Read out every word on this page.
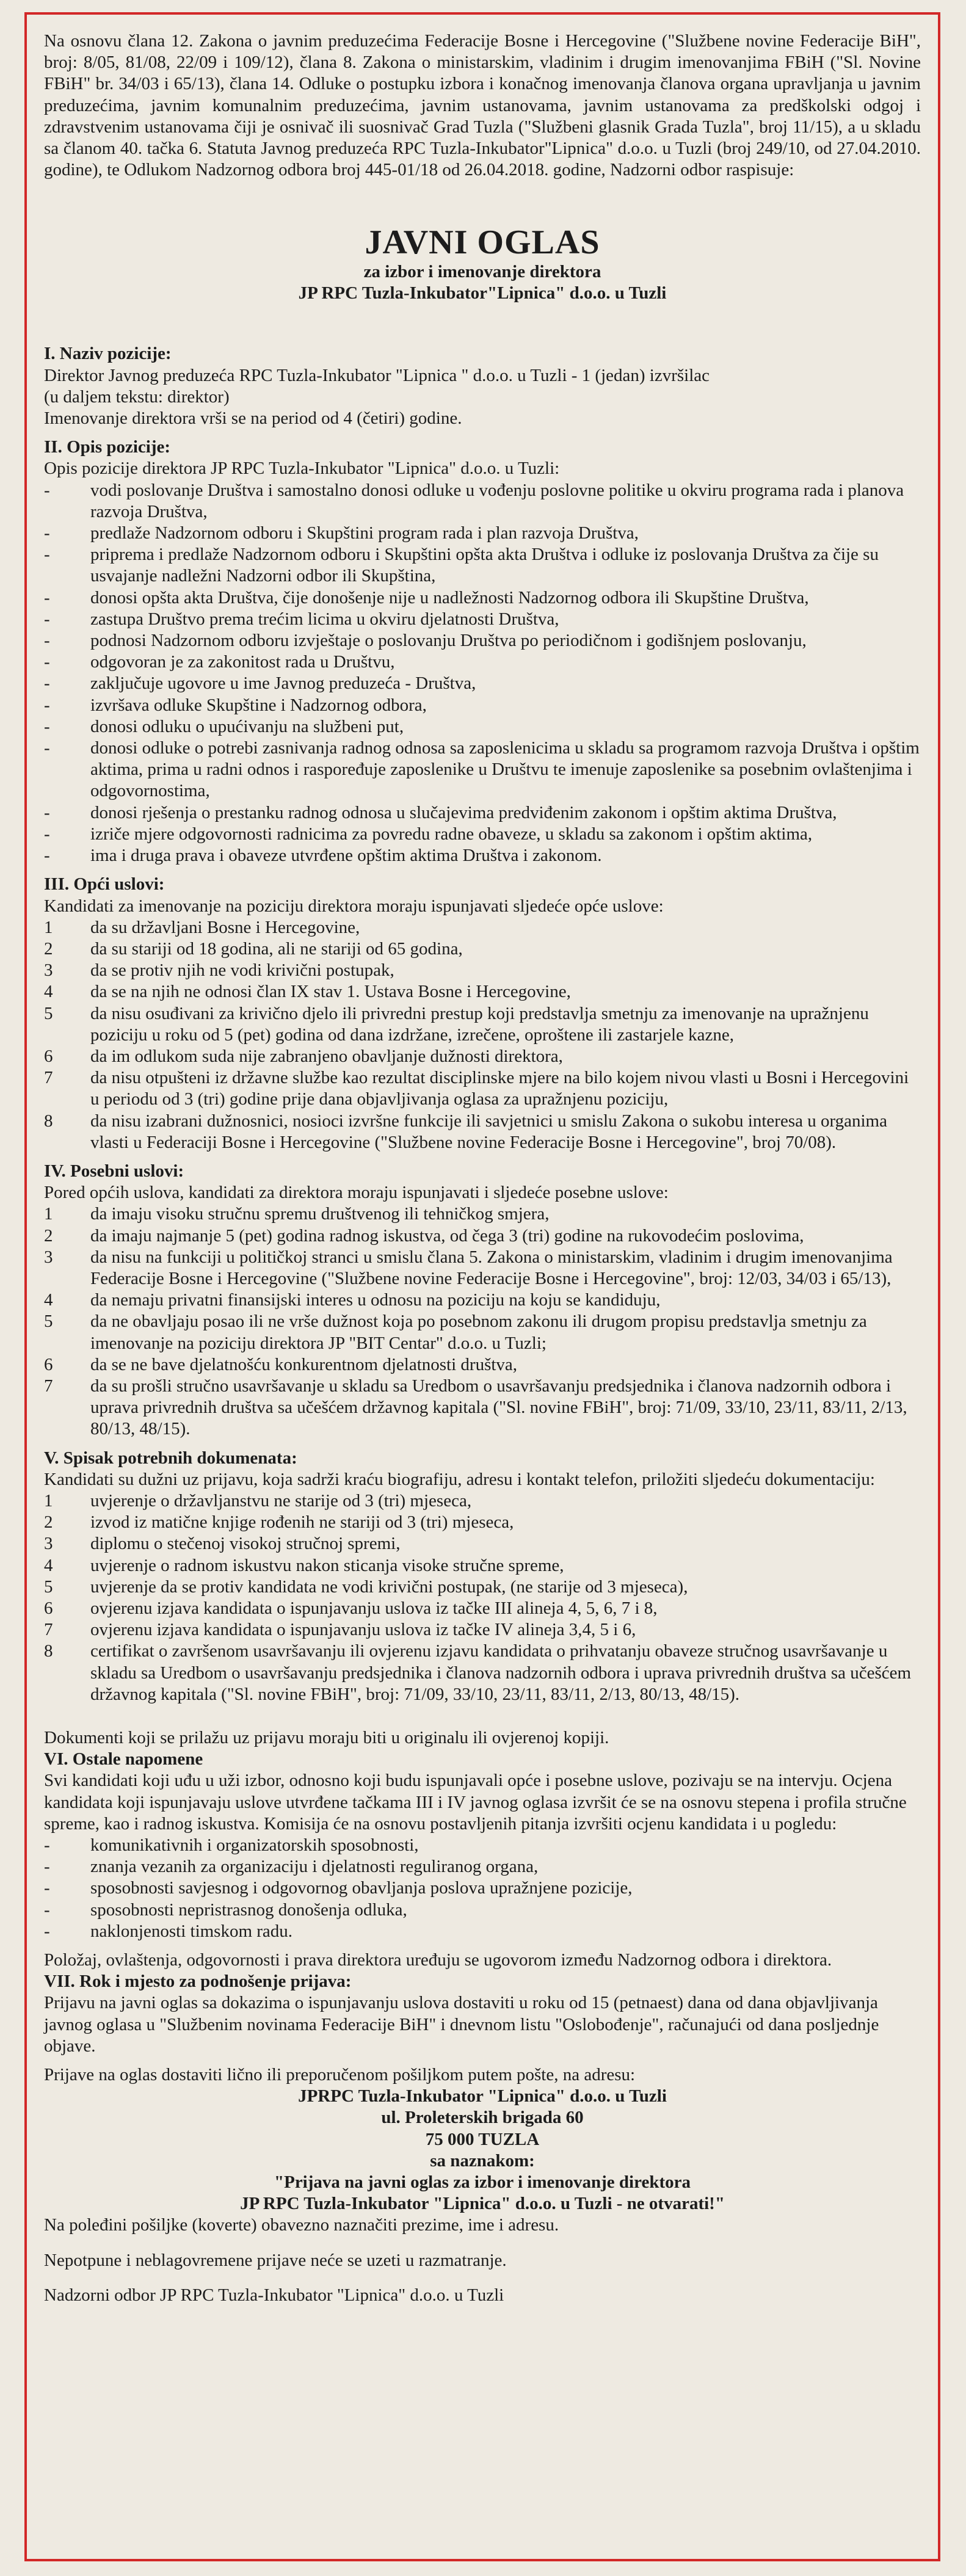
Na osnovu člana 12. Zakona o javnim preduzećima Federacije Bosne i Hercegovine ("Službene novine Federacije BiH", broj: 8/05, 81/08, 22/09 i 109/12), člana 8. Zakona o ministarskim, vladinim i drugim imenovanjima FBiH ("Sl. Novine FBiH" br. 34/03 i 65/13), člana 14. Odluke o postupku izbora i konačnog imenovanja članova organa upravljanja u javnim preduzećima, javnim komunalnim preduzećima, javnim ustanovama, javnim ustanovama za predškolski odgoj i zdravstvenim ustanovama čiji je osnivač ili suosnivač Grad Tuzla ("Službeni glasnik Grada Tuzla", broj 11/15), a u skladu sa članom 40. tačka 6. Statuta Javnog preduzeća RPC Tuzla-Inkubator"Lipnica" d.o.o. u Tuzli (broj 249/10, od 27.04.2010. godine), te Odlukom Nadzornog odbora broj 445-01/18 od 26.04.2018. godine, Nadzorni odbor raspisuje:

JAVNI OGLAS
za izbor i imenovanje direktora
JP RPC Tuzla-Inkubator"Lipnica" d.o.o. u Tuzli

I. Naziv pozicije:

Direktor Javnog preduzeća RPC Tuzla-Inkubator "Lipnica " d.o.o. u Tuzli - 1 (jedan) izvršilac

(u daljem tekstu: direktor)

Imenovanje direktora vrši se na period od 4 (četiri) godine.

II. Opis pozicije:

Opis pozicije direktora JP RPC Tuzla-Inkubator "Lipnica" d.o.o. u Tuzli:

- vodi poslovanje Društva i samostalno donosi odluke u vođenju poslovne politike u okviru programa rada i planova razvoja Društva,
- predlaže Nadzornom odboru i Skupštini program rada i plan razvoja Društva,
- priprema i predlaže Nadzornom odboru i Skupštini opšta akta Društva i odluke iz poslovanja Društva za čije su usvajanje nadležni Nadzorni odbor ili Skupština,
- donosi opšta akta Društva, čije donošenje nije u nadležnosti Nadzornog odbora ili Skupštine Društva,
- zastupa Društvo prema trećim licima u okviru djelatnosti Društva,
- podnosi Nadzornom odboru izvještaje o poslovanju Društva po periodičnom i godišnjem poslovanju,
- odgovoran je za zakonitost rada u Društvu,
- zaključuje ugovore u ime Javnog preduzeća - Društva,
- izvršava odluke Skupštine i Nadzornog odbora,
- donosi odluku o upućivanju na službeni put,
- donosi odluke o potrebi zasnivanja radnog odnosa sa zaposlenicima u skladu sa programom razvoja Društva i opštim aktima, prima u radni odnos i raspoređuje zaposlenike u Društvu te imenuje zaposlenike sa posebnim ovlaštenjima i odgovornostima,
- donosi rješenja o prestanku radnog odnosa u slučajevima predviđenim zakonom i opštim aktima Društva,
- izriče mjere odgovornosti radnicima za povredu radne obaveze, u skladu sa zakonom i opštim aktima,
- ima i druga prava i obaveze utvrđene opštim aktima Društva i zakonom.

III. Opći uslovi:

Kandidati za imenovanje na poziciju direktora moraju ispunjavati sljedeće opće uslove:

1 da su državljani Bosne i Hercegovine,
2 da su stariji od 18 godina, ali ne stariji od 65 godina,
3 da se protiv njih ne vodi krivični postupak,
4 da se na njih ne odnosi član IX stav 1. Ustava Bosne i Hercegovine,
5 da nisu osuđivani za krivično djelo ili privredni prestup koji predstavlja smetnju za imenovanje na upražnjenu poziciju u roku od 5 (pet) godina od dana izdržane, izrečene, oproštene ili zastarjele kazne,
6 da im odlukom suda nije zabranjeno obavljanje dužnosti direktora,
7 da nisu otpušteni iz državne službe kao rezultat disciplinske mjere na bilo kojem nivou vlasti u Bosni i Hercegovini u periodu od 3 (tri) godine prije dana objavljivanja oglasa za upražnjenu poziciju,
8 da nisu izabrani dužnosnici, nosioci izvršne funkcije ili savjetnici u smislu Zakona o sukobu interesa u organima vlasti u Federaciji Bosne i Hercegovine ("Službene novine Federacije Bosne i Hercegovine", broj 70/08).

IV. Posebni uslovi:

Pored općih uslova, kandidati za direktora moraju ispunjavati i sljedeće posebne uslove:

1 da imaju visoku stručnu spremu društvenog ili tehničkog smjera,
2 da imaju najmanje 5 (pet) godina radnog iskustva, od čega 3 (tri) godine na rukovodećim poslovima,
3 da nisu na funkciji u političkoj stranci u smislu člana 5. Zakona o ministarskim, vladinim i drugim imenovanjima Federacije Bosne i Hercegovine ("Službene novine Federacije Bosne i Hercegovine", broj: 12/03, 34/03 i 65/13),
4 da nemaju privatni finansijski interes u odnosu na poziciju na koju se kandiduju,
5 da ne obavljaju posao ili ne vrše dužnost koja po posebnom zakonu ili drugom propisu predstavlja smetnju za imenovanje na poziciju direktora JP "BIT Centar" d.o.o. u Tuzli;
6 da se ne bave djelatnošću konkurentnom djelatnosti društva,
7 da su prošli stručno usavršavanje u skladu sa Uredbom o usavršavanju predsjednika i članova nadzornih odbora i uprava privrednih društva sa učešćem državnog kapitala ("Sl. novine FBiH", broj: 71/09, 33/10, 23/11, 83/11, 2/13, 80/13, 48/15).

V. Spisak potrebnih dokumenata:

Kandidati su dužni uz prijavu, koja sadrži kraću biografiju, adresu i kontakt telefon, priložiti sljedeću dokumentaciju:

1 uvjerenje o državljanstvu ne starije od 3 (tri) mjeseca,
2 izvod iz matične knjige rođenih ne stariji od 3 (tri) mjeseca,
3 diplomu o stečenoj visokoj stručnoj spremi,
4 uvjerenje o radnom iskustvu nakon sticanja visoke stručne spreme,
5 uvjerenje da se protiv kandidata ne vodi krivični postupak, (ne starije od 3 mjeseca),
6 ovjerenu izjava kandidata o ispunjavanju uslova iz tačke III alineja 4, 5, 6, 7 i 8,
7 ovjerenu izjava kandidata o ispunjavanju uslova iz tačke IV alineja 3,4, 5 i 6,
8 certifikat o završenom usavršavanju ili ovjerenu izjavu kandidata o prihvatanju obaveze stručnog usavršavanje u skladu sa Uredbom o usavršavanju predsjednika i članova nadzornih odbora i uprava privrednih društva sa učešćem državnog kapitala ("Sl. novine FBiH", broj: 71/09, 33/10, 23/11, 83/11, 2/13, 80/13, 48/15).

Dokumenti koji se prilažu uz prijavu moraju biti u originalu ili ovjerenoj kopiji.

VI. Ostale napomene

Svi kandidati koji uđu u uži izbor, odnosno koji budu ispunjavali opće i posebne uslove, pozivaju se na intervju. Ocjena kandidata koji ispunjavaju uslove utvrđene tačkama III i IV javnog oglasa izvršit će se na osnovu stepena i profila stručne spreme, kao i radnog iskustva. Komisija će na osnovu postavljenih pitanja izvršiti ocjenu kandidata i u pogledu:

- komunikativnih i organizatorskih sposobnosti,
- znanja vezanih za organizaciju i djelatnosti reguliranog organa,
- sposobnosti savjesnog i odgovornog obavljanja poslova upražnjene pozicije,
- sposobnosti nepristrasnog donošenja odluka,
- naklonjenosti timskom radu.

Položaj, ovlaštenja, odgovornosti i prava direktora uređuju se ugovorom između Nadzornog odbora i direktora.

VII. Rok i mjesto za podnošenje prijava:

Prijavu na javni oglas sa dokazima o ispunjavanju uslova dostaviti u roku od 15 (petnaest) dana od dana objavljivanja javnog oglasa u "Službenim novinama Federacije BiH" i dnevnom listu "Oslobođenje", računajući od dana posljednje objave.

Prijave na oglas dostaviti lično ili preporučenom pošiljkom putem pošte, na adresu:

JPRPC Tuzla-Inkubator "Lipnica" d.o.o. u Tuzli

ul. Proleterskih brigada 60

75 000 TUZLA

sa naznakom:

"Prijava na javni oglas za izbor i imenovanje direktora

JP RPC Tuzla-Inkubator "Lipnica" d.o.o. u Tuzli - ne otvarati!"

Na poleđini pošiljke (koverte) obavezno naznačiti prezime, ime i adresu.

Nepotpune i neblagovremene prijave neće se uzeti u razmatranje.

Nadzorni odbor JP RPC Tuzla-Inkubator "Lipnica" d.o.o. u Tuzli
